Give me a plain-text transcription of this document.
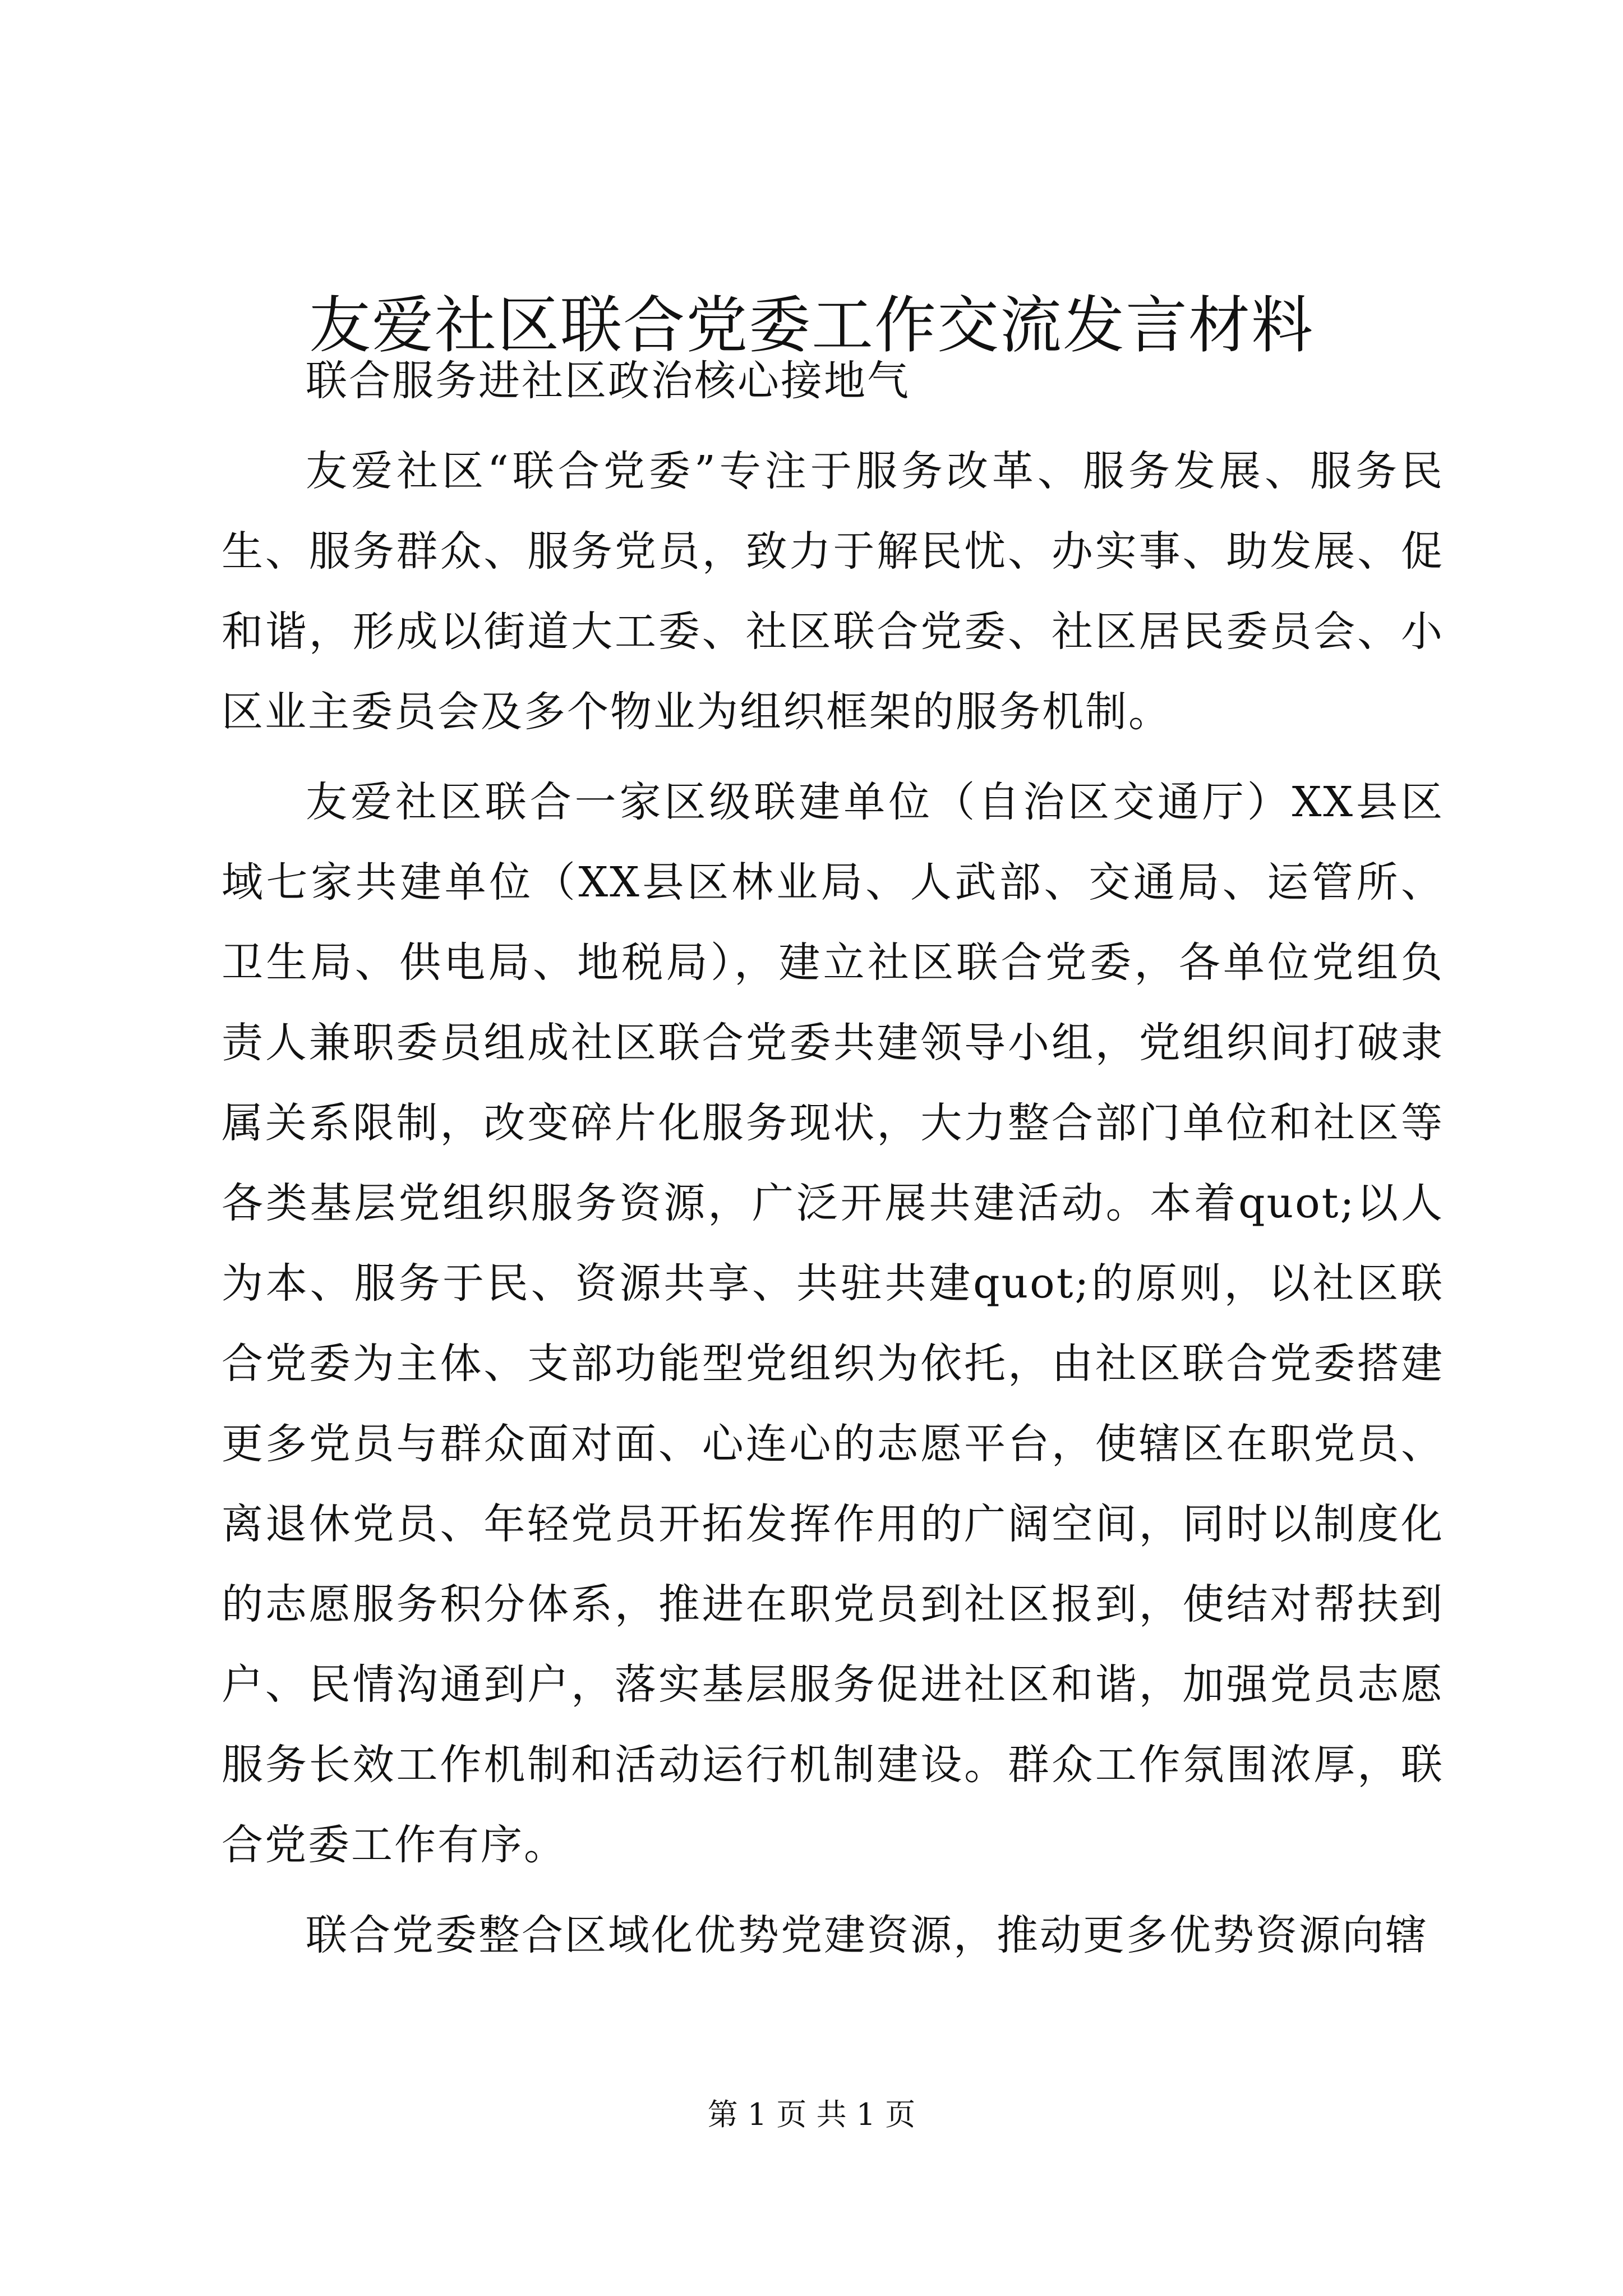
友爱社区联合党委工作交流发言材料

联合服务进社区政治核心接地气

友爱社区“联合党委”专注于服务改革、服务发展、服务民生、服务群众、服务党员，致力于解民忧、办实事、助发展、促和谐，形成以街道大工委、社区联合党委、社区居民委员会、小区业主委员会及多个物业为组织框架的服务机制。

友爱社区联合一家区级联建单位（自治区交通厅）XX县区域七家共建单位（XX县区林业局、人武部、交通局、运管所、卫生局、供电局、地税局），建立社区联合党委，各单位党组负责人兼职委员组成社区联合党委共建领导小组，党组织间打破隶属关系限制，改变碎片化服务现状，大力整合部门单位和社区等各类基层党组织服务资源，广泛开展共建活动。本着quot;以人为本、服务于民、资源共享、共驻共建quot;的原则，以社区联合党委为主体、支部功能型党组织为依托，由社区联合党委搭建更多党员与群众面对面、心连心的志愿平台，使辖区在职党员、离退休党员、年轻党员开拓发挥作用的广阔空间，同时以制度化的志愿服务积分体系，推进在职党员到社区报到，使结对帮扶到户、民情沟通到户，落实基层服务促进社区和谐，加强党员志愿服务长效工作机制和活动运行机制建设。群众工作氛围浓厚，联合党委工作有序。

联合党委整合区域化优势党建资源，推动更多优势资源向辖

第 1 页 共 1 页
